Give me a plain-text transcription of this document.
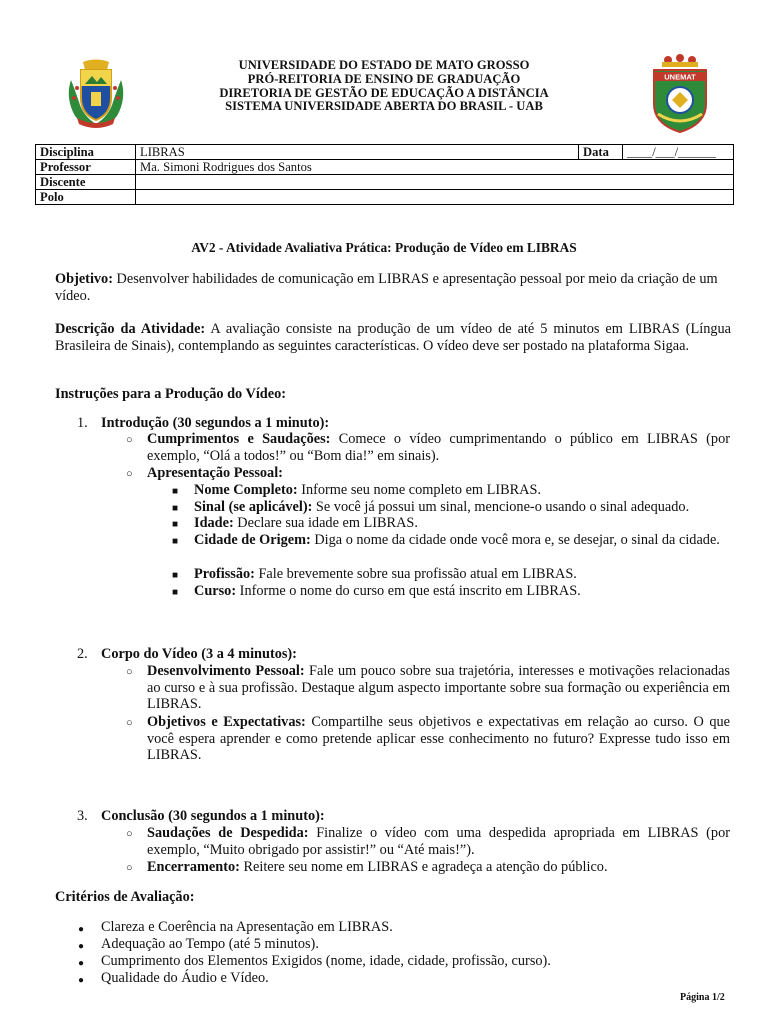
UNIVERSIDADE DO ESTADO DE MATO GROSSO
PRÓ-REITORIA DE ENSINO DE GRADUAÇÃO
DIRETORIA DE GESTÃO DE EDUCAÇÃO A DISTÂNCIA
SISTEMA UNIVERSIDADE ABERTA DO BRASIL - UAB
UNEMAT
Disciplina	LIBRAS	Data	____/___/______
Professor	Ma. Simoni Rodrigues dos Santos		
Discente			
Polo			
AV2 - Atividade Avaliativa Prática: Produção de Vídeo em LIBRAS
Objetivo: Desenvolver habilidades de comunicação em LIBRAS e apresentação pessoal por meio da criação de um vídeo.
Descrição da Atividade: A avaliação consiste na produção de um vídeo de até 5 minutos em LIBRAS (Língua Brasileira de Sinais), contemplando as seguintes características. O vídeo deve ser postado na plataforma Sigaa.
Instruções para a Produção do Vídeo:
1. Introdução (30 segundos a 1 minuto):
○ Cumprimentos e Saudações: Comece o vídeo cumprimentando o público em LIBRAS (por exemplo, “Olá a todos!” ou “Bom dia!” em sinais).
○ Apresentação Pessoal:
■ Nome Completo: Informe seu nome completo em LIBRAS.
■ Sinal (se aplicável): Se você já possui um sinal, mencione-o usando o sinal adequado.
■ Idade: Declare sua idade em LIBRAS.
■ Cidade de Origem: Diga o nome da cidade onde você mora e, se desejar, o sinal da cidade.
■ Profissão: Fale brevemente sobre sua profissão atual em LIBRAS.
■ Curso: Informe o nome do curso em que está inscrito em LIBRAS.
2. Corpo do Vídeo (3 a 4 minutos):
○ Desenvolvimento Pessoal: Fale um pouco sobre sua trajetória, interesses e motivações relacionadas ao curso e à sua profissão. Destaque algum aspecto importante sobre sua formação ou experiência em LIBRAS.
○ Objetivos e Expectativas: Compartilhe seus objetivos e expectativas em relação ao curso. O que você espera aprender e como pretende aplicar esse conhecimento no futuro? Expresse tudo isso em LIBRAS.
3. Conclusão (30 segundos a 1 minuto):
○ Saudações de Despedida: Finalize o vídeo com uma despedida apropriada em LIBRAS (por exemplo, “Muito obrigado por assistir!” ou “Até mais!”).
○ Encerramento: Reitere seu nome em LIBRAS e agradeça a atenção do público.
Critérios de Avaliação:
● Clareza e Coerência na Apresentação em LIBRAS.
● Adequação ao Tempo (até 5 minutos).
● Cumprimento dos Elementos Exigidos (nome, idade, cidade, profissão, curso).
● Qualidade do Áudio e Vídeo.
Página 1/2
